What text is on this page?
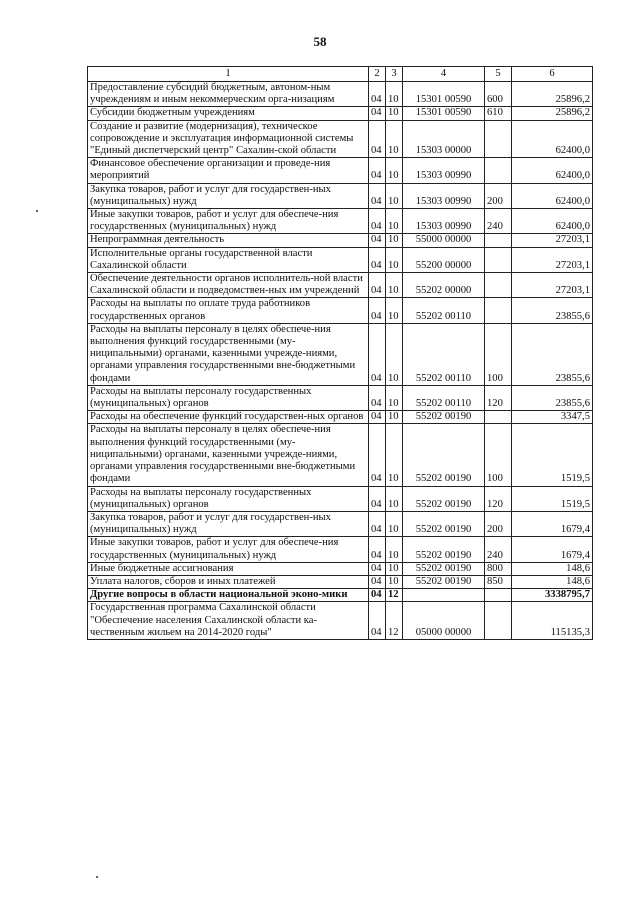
58
1	2	3	4	5	6
Предоставление субсидий бюджетным, автоном-ным учреждениям и иным некоммерческим орга-низациям	04	10	15301 00590	600	25896,2
Субсидии бюджетным учреждениям	04	10	15301 00590	610	25896,2
Создание и развитие (модернизация), техническое сопровождение и эксплуатация информационной системы "Единый диспетчерский центр" Сахалин-ской области	04	10	15303 00000		62400,0
Финансовое обеспечение организации и проведе-ния мероприятий	04	10	15303 00990		62400,0
Закупка товаров, работ и услуг для государствен-ных (муниципальных) нужд	04	10	15303 00990	200	62400,0
Иные закупки товаров, работ и услуг для обеспече-ния государственных (муниципальных) нужд	04	10	15303 00990	240	62400,0
Непрограммная деятельность	04	10	55000 00000		27203,1
Исполнительные органы государственной власти Сахалинской области	04	10	55200 00000		27203,1
Обеспечение деятельности органов исполнитель-ной власти Сахалинской области и подведомствен-ных им учреждений	04	10	55202 00000		27203,1
Расходы на выплаты по оплате труда работников государственных органов	04	10	55202 00110		23855,6
Расходы на выплаты персоналу в целях обеспече-ния выполнения функций государственными (му-ниципальными) органами, казенными учрежде-ниями, органами управления государственными вне-бюджетными фондами	04	10	55202 00110	100	23855,6
Расходы на выплаты персоналу государственных (муниципальных) органов	04	10	55202 00110	120	23855,6
Расходы на обеспечение функций государствен-ных органов	04	10	55202 00190		3347,5
Расходы на выплаты персоналу в целях обеспече-ния выполнения функций государственными (му-ниципальными) органами, казенными учрежде-ниями, органами управления государственными вне-бюджетными фондами	04	10	55202 00190	100	1519,5
Расходы на выплаты персоналу государственных (муниципальных) органов	04	10	55202 00190	120	1519,5
Закупка товаров, работ и услуг для государствен-ных (муниципальных) нужд	04	10	55202 00190	200	1679,4
Иные закупки товаров, работ и услуг для обеспече-ния государственных (муниципальных) нужд	04	10	55202 00190	240	1679,4
Иные бюджетные ассигнования	04	10	55202 00190	800	148,6
Уплата налогов, сборов и иных платежей	04	10	55202 00190	850	148,6
Другие вопросы в области национальной эконо-мики	04	12			3338795,7
Государственная программа Сахалинской области "Обеспечение населения Сахалинской области ка-чественным жильем на 2014-2020 годы"	04	12	05000 00000		115135,3
